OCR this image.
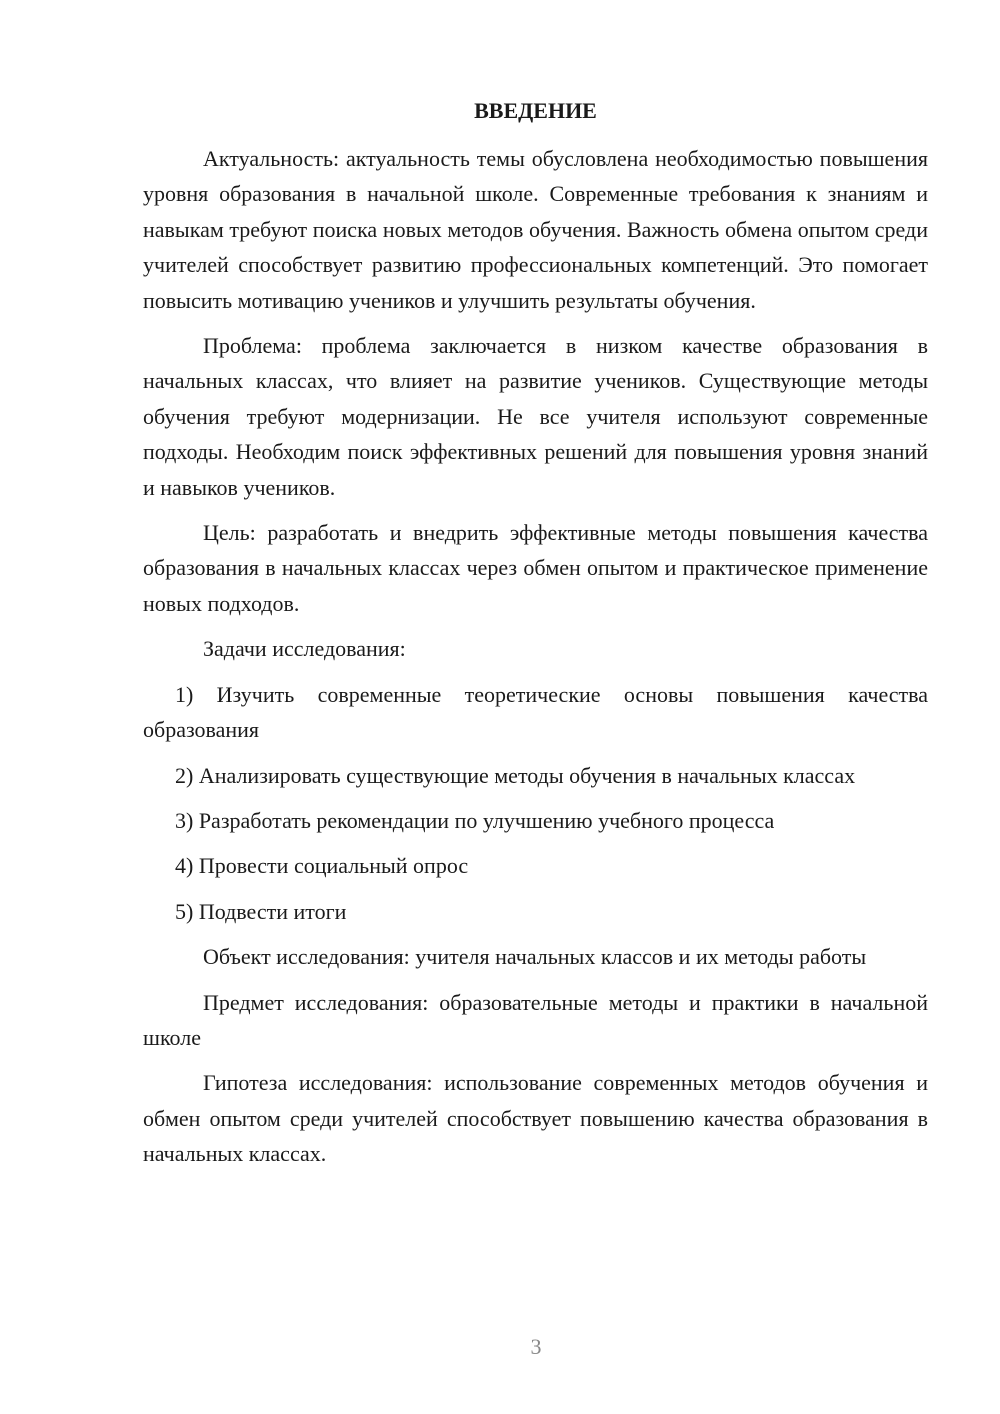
ВВЕДЕНИЕ

Актуальность: актуальность темы обусловлена необходимостью повышения уровня образования в начальной школе. Современные требования к знаниям и навыкам требуют поиска новых методов обучения. Важность обмена опытом среди учителей способствует развитию профессиональных компетенций. Это помогает повысить мотивацию учеников и улучшить результаты обучения.

Проблема: проблема заключается в низком качестве образования в начальных классах, что влияет на развитие учеников. Существующие методы обучения требуют модернизации. Не все учителя используют современные подходы. Необходим поиск эффективных решений для повышения уровня знаний и навыков учеников.

Цель: разработать и внедрить эффективные методы повышения качества образования в начальных классах через обмен опытом и практическое применение новых подходов.

Задачи исследования:

1) Изучить современные теоретические основы повышения качества образования

2) Анализировать существующие методы обучения в начальных классах

3) Разработать рекомендации по улучшению учебного процесса

4) Провести социальный опрос

5) Подвести итоги

Объект исследования: учителя начальных классов и их методы работы

Предмет исследования: образовательные методы и практики в начальной школе

Гипотеза исследования: использование современных методов обучения и обмен опытом среди учителей способствует повышению качества образования в начальных классах.

3
